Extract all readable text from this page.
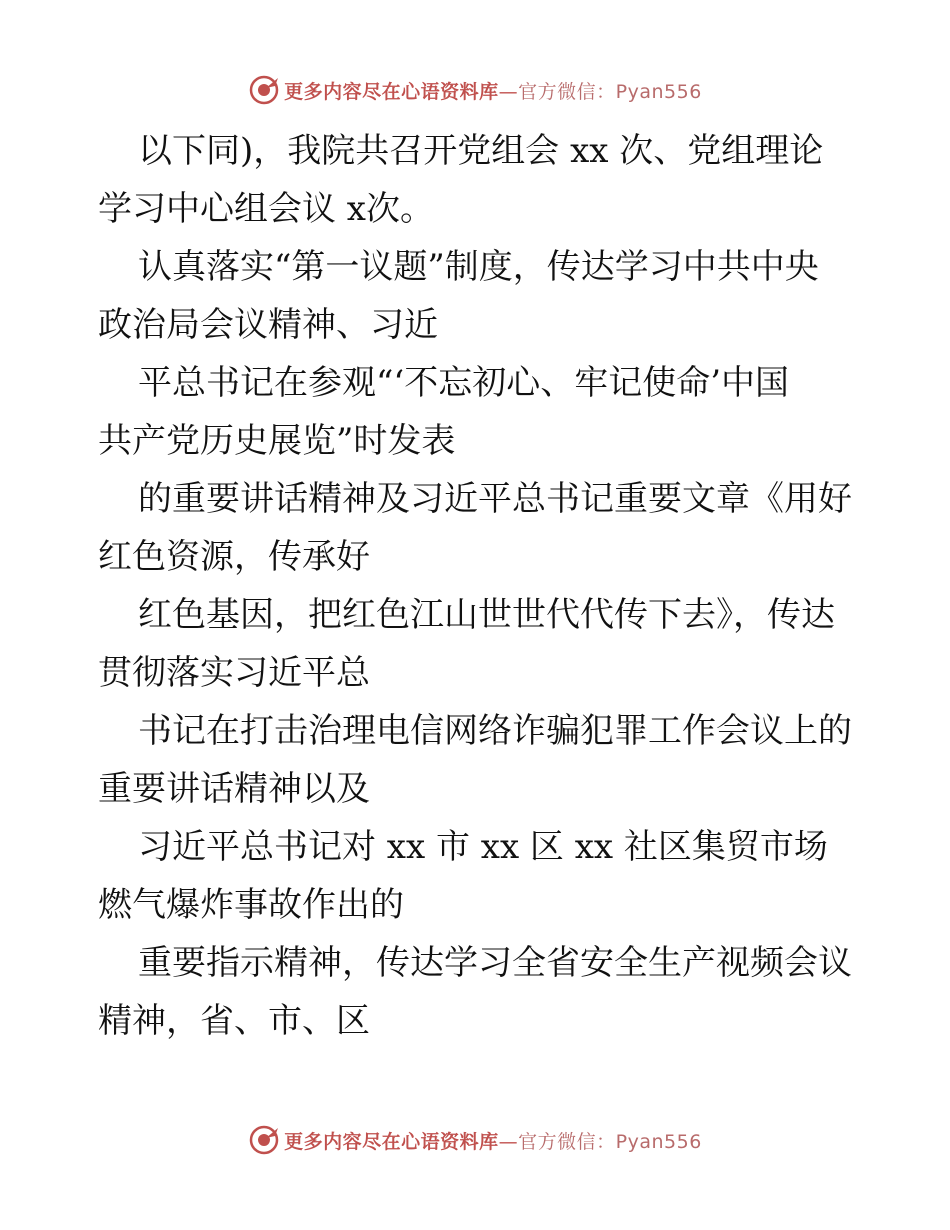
更多内容尽在心语资料库—官方微信：Pyan556

以下同)，我院共召开党组会 xx 次、党组理论
学习中心组会议 x次。

认真落实“第一议题”制度，传达学习中共中央
政治局会议精神、习近

平总书记在参观“‘不忘初心、牢记使命’中国
共产党历史展览”时发表

的重要讲话精神及习近平总书记重要文章《用好
红色资源，传承好

红色基因，把红色江山世世代代传下去》，传达
贯彻落实习近平总

书记在打击治理电信网络诈骗犯罪工作会议上的
重要讲话精神以及

习近平总书记对 xx 市 xx 区 xx 社区集贸市场
燃气爆炸事故作出的

重要指示精神，传达学习全省安全生产视频会议
精神，省、市、区

更多内容尽在心语资料库—官方微信：Pyan556
